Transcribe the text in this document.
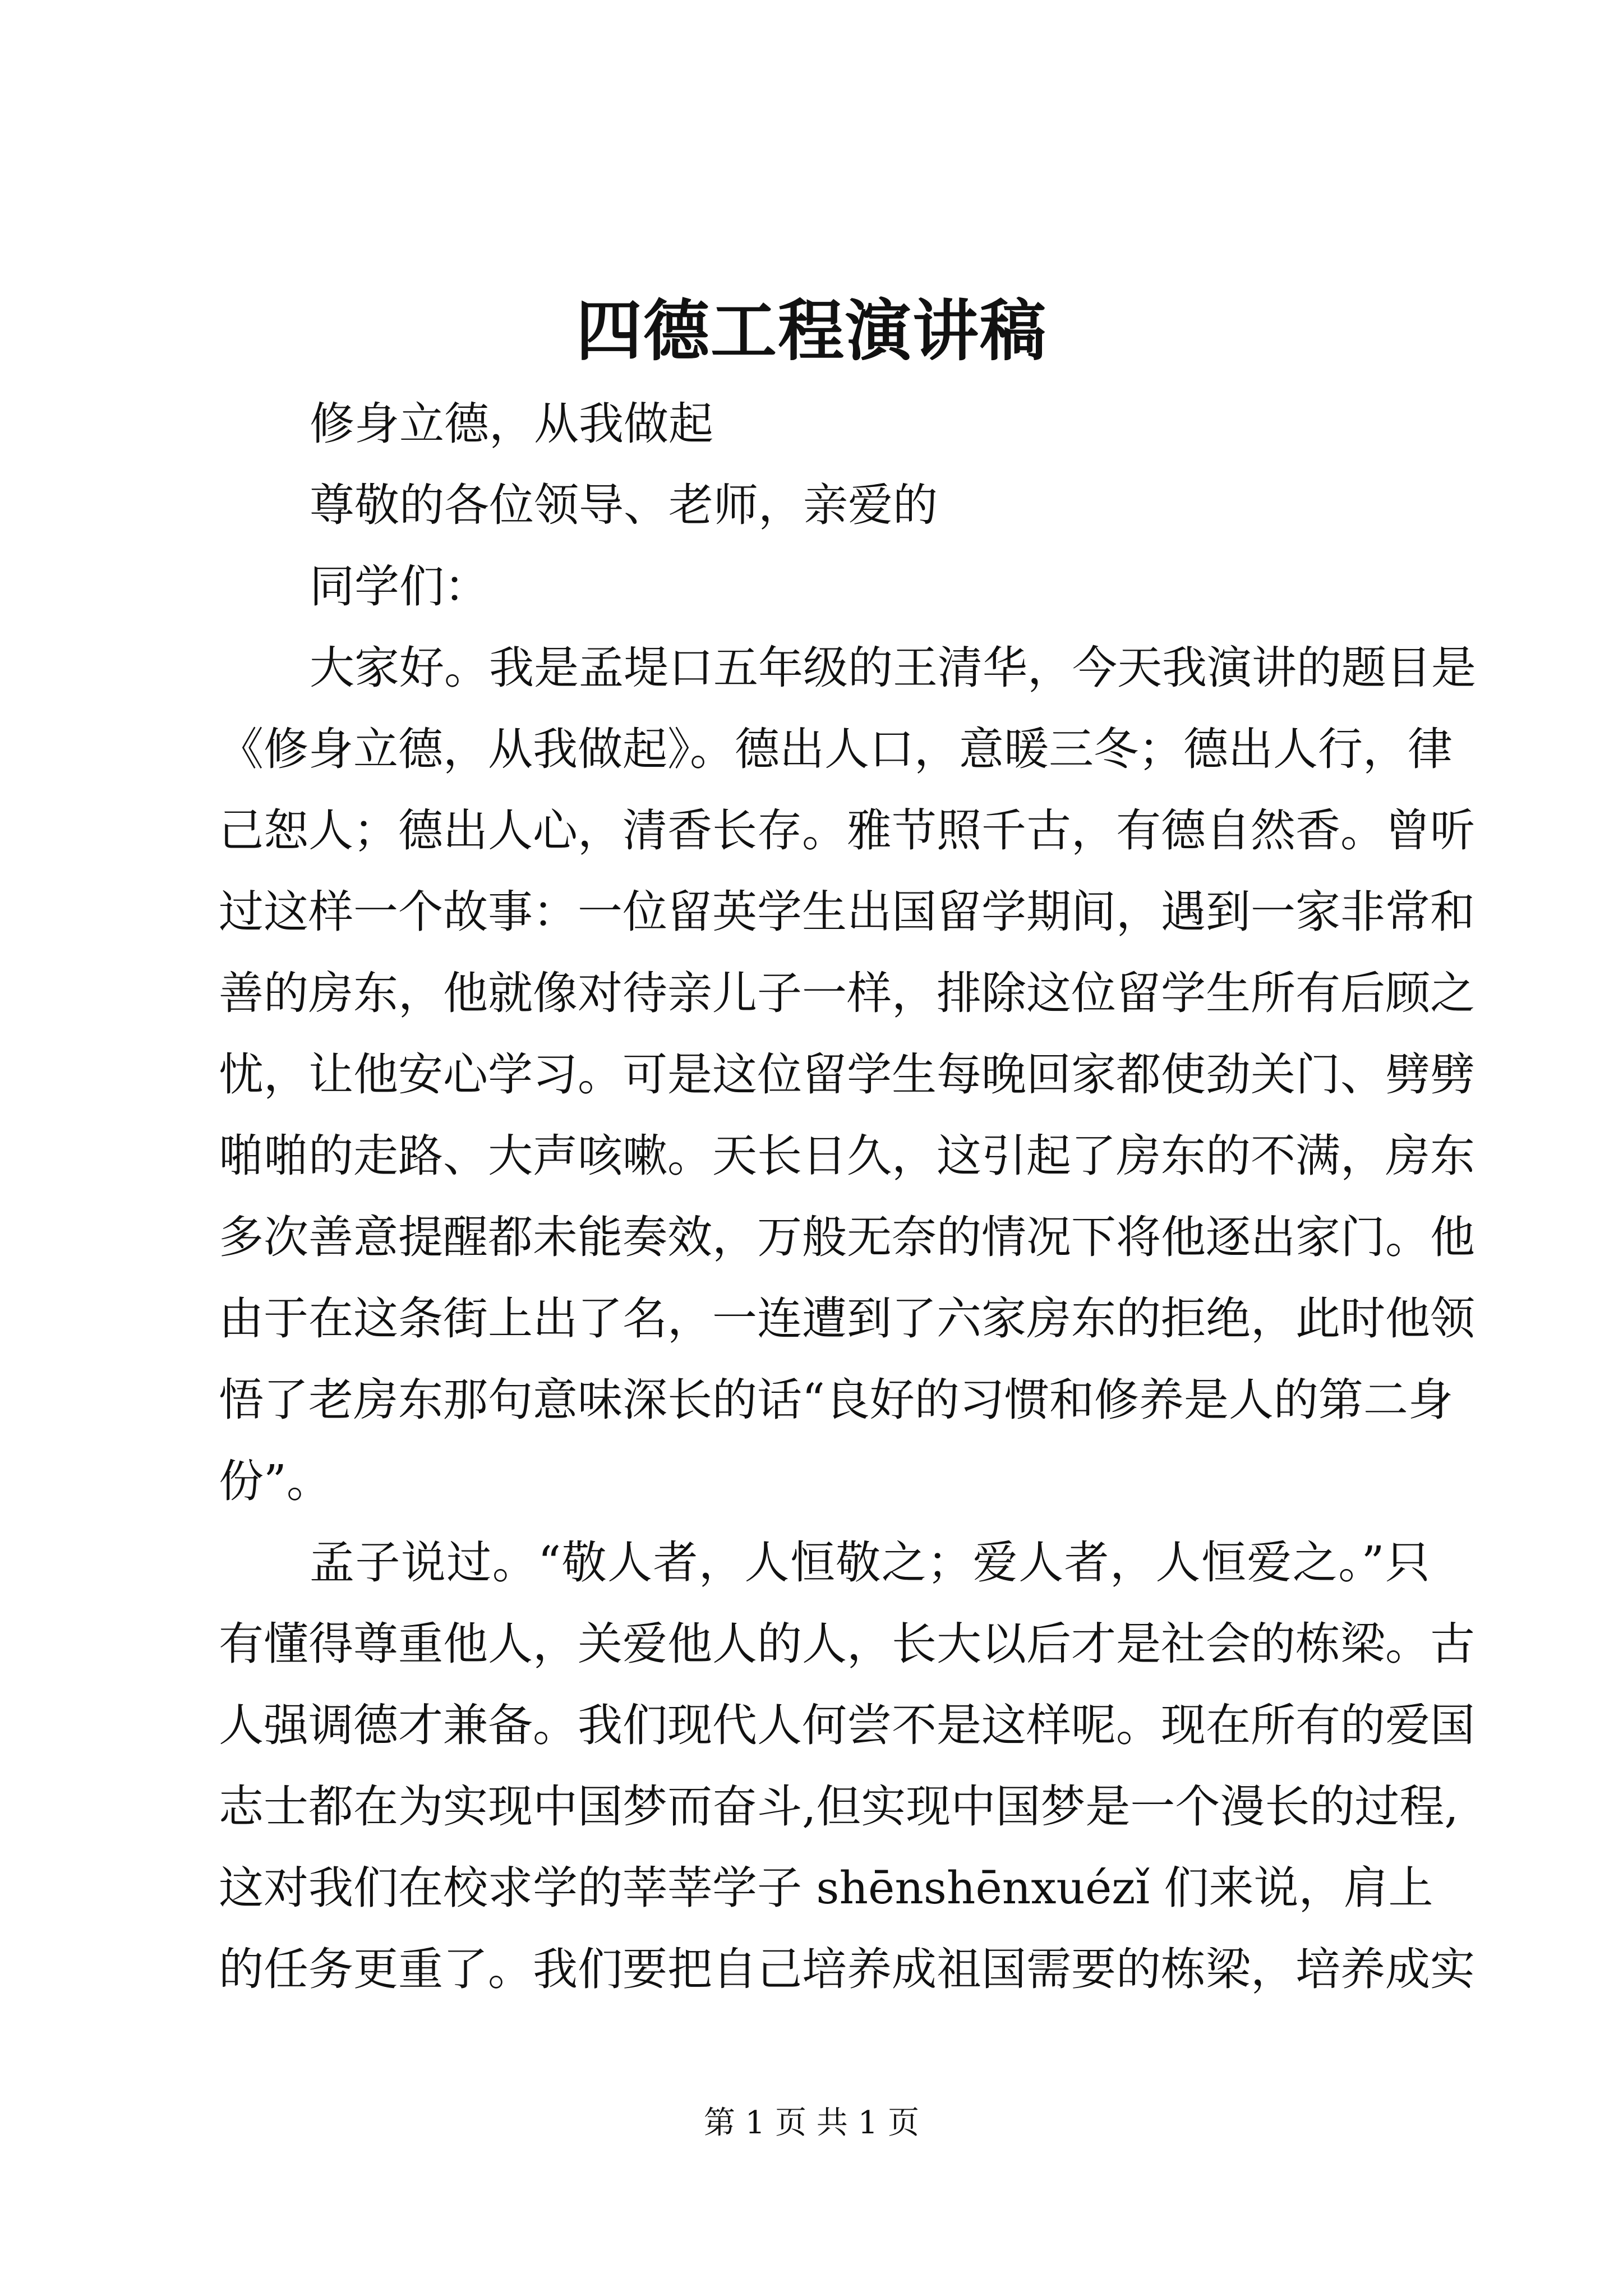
四德工程演讲稿
修身立德，从我做起
尊敬的各位领导、老师，亲爱的
同学们：
大家好。我是孟堤口五年级的王清华，今天我演讲的题目是
《修身立德，从我做起》。德出人口，意暖三冬；德出人行，律
己恕人；德出人心，清香长存。雅节照千古，有德自然香。曾听
过这样一个故事：一位留英学生出国留学期间，遇到一家非常和
善的房东，他就像对待亲儿子一样，排除这位留学生所有后顾之
忧，让他安心学习。可是这位留学生每晚回家都使劲关门、劈劈
啪啪的走路、大声咳嗽。天长日久，这引起了房东的不满，房东
多次善意提醒都未能奏效，万般无奈的情况下将他逐出家门。他
由于在这条街上出了名，一连遭到了六家房东的拒绝，此时他领
悟了老房东那句意味深长的话“良好的习惯和修养是人的第二身
份”。
孟子说过。“敬人者，人恒敬之；爱人者，人恒爱之。”只
有懂得尊重他人，关爱他人的人，长大以后才是社会的栋梁。古
人强调德才兼备。我们现代人何尝不是这样呢。现在所有的爱国
志士都在为实现中国梦而奋斗,但实现中国梦是一个漫长的过程,
这对我们在校求学的莘莘学子 shēnshēnxuézǐ 们来说，肩上
的任务更重了。我们要把自己培养成祖国需要的栋梁，培养成实
第 1 页 共 1 页
